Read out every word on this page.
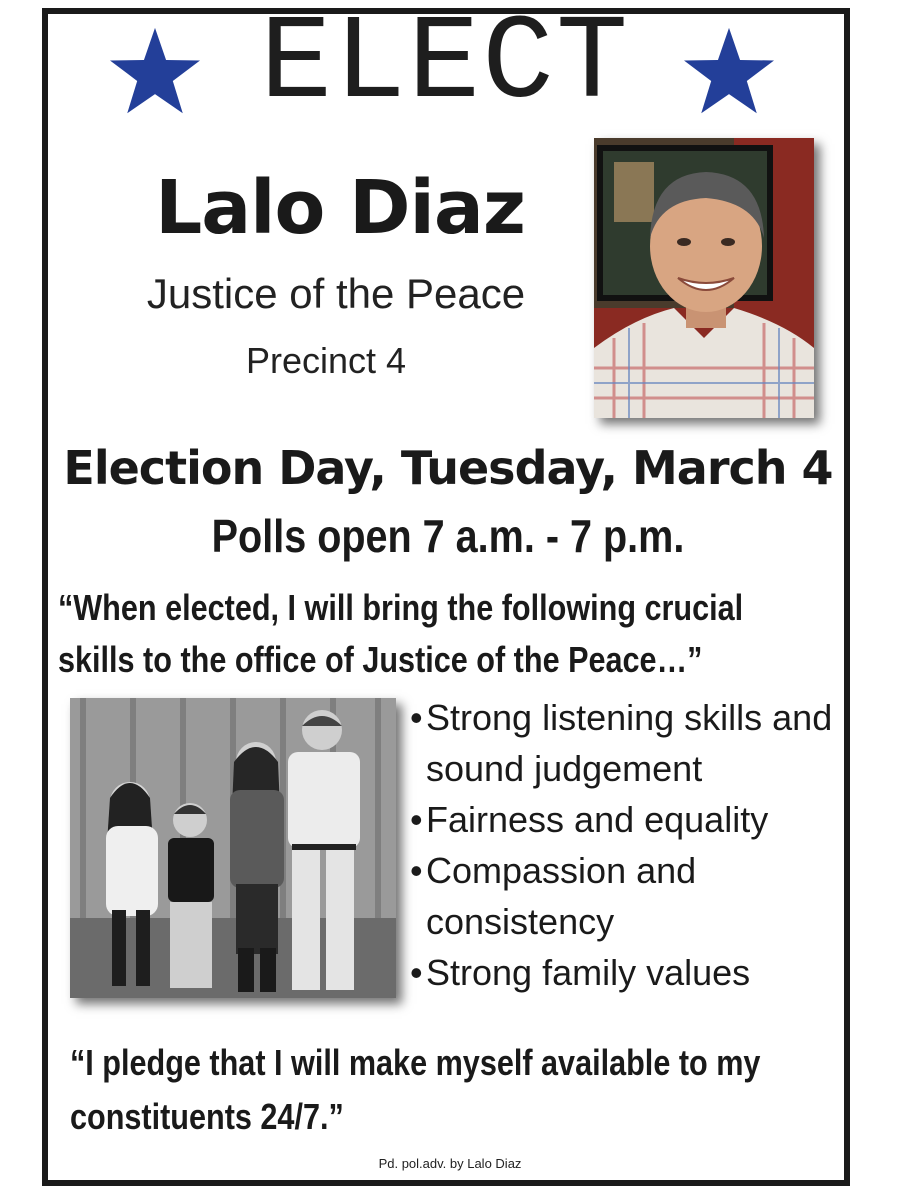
ELECT
Lalo Diaz
Justice of the Peace
Precinct 4
Election Day, Tuesday, March 4
Polls open 7 a.m. - 7 p.m.
“When elected, I will bring the following crucial skills to the office of Justice of the Peace…”
• Strong listening skills and sound judgement
• Fairness and equality
• Compassion and consistency
• Strong family values
“I pledge that I will make myself available to my constituents 24/7.”
Pd. pol.adv. by Lalo Diaz
